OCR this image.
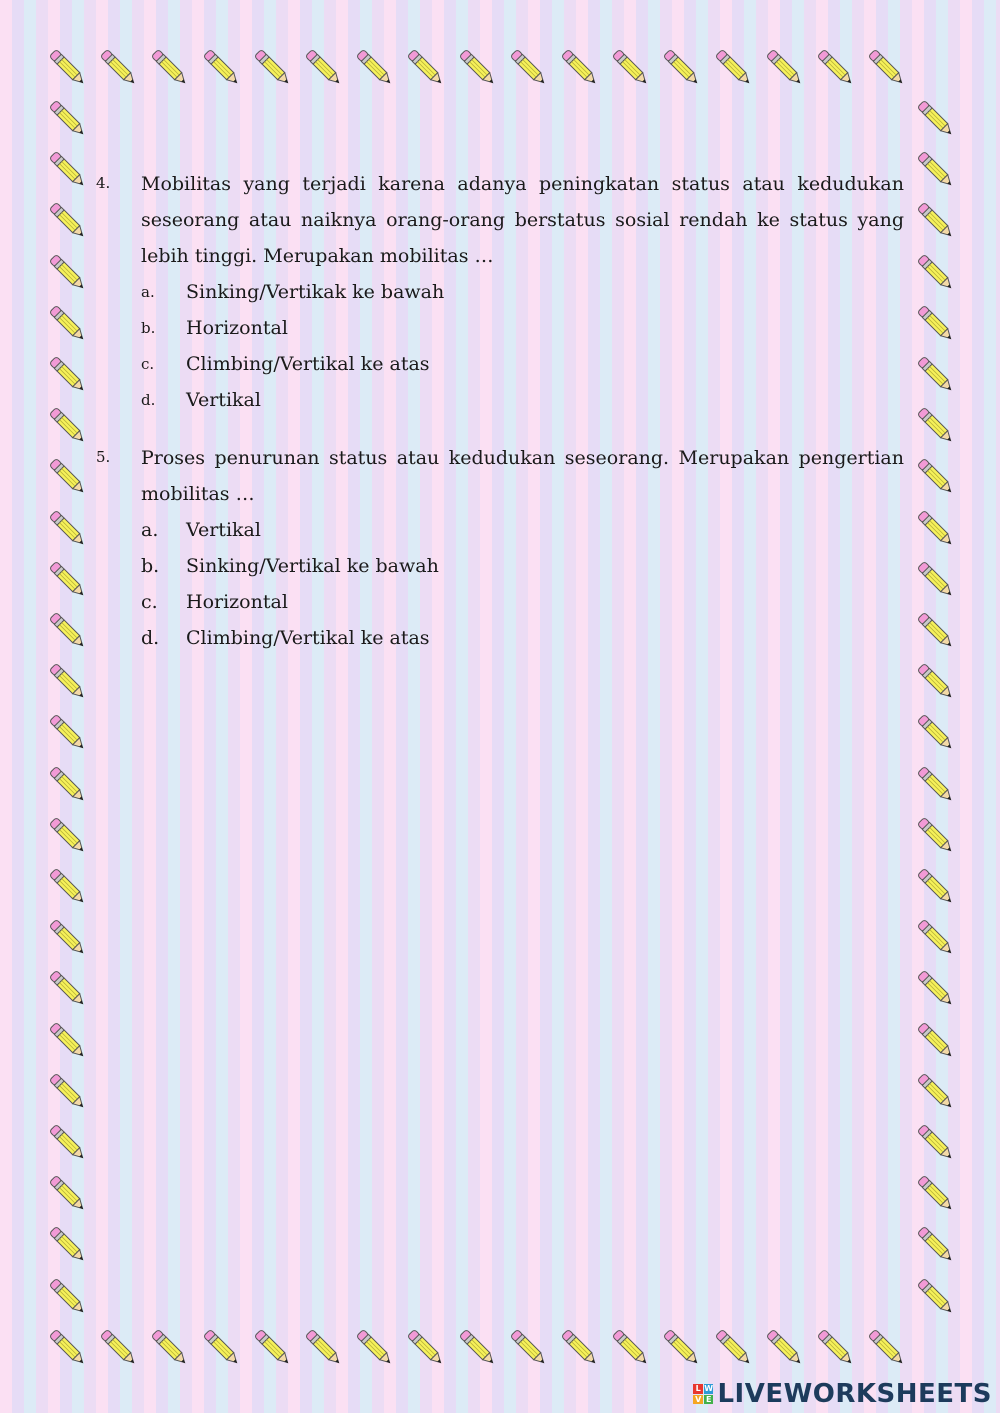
4. Mobilitas yang terjadi karena adanya peningkatan status atau kedudukan seseorang atau naiknya orang-orang berstatus sosial rendah ke status yang lebih tinggi. Merupakan mobilitas …

a. Sinking/Vertikak ke bawah
b. Horizontal
c. Climbing/Vertikal ke atas
d. Vertikal
5. Proses penurunan status atau kedudukan seseorang. Merupakan pengertian mobilitas …

a. Vertikal
b. Sinking/Vertikal ke bawah
c. Horizontal
d. Climbing/Vertikal ke atas
L W
V E LIVEWORKSHEETS
